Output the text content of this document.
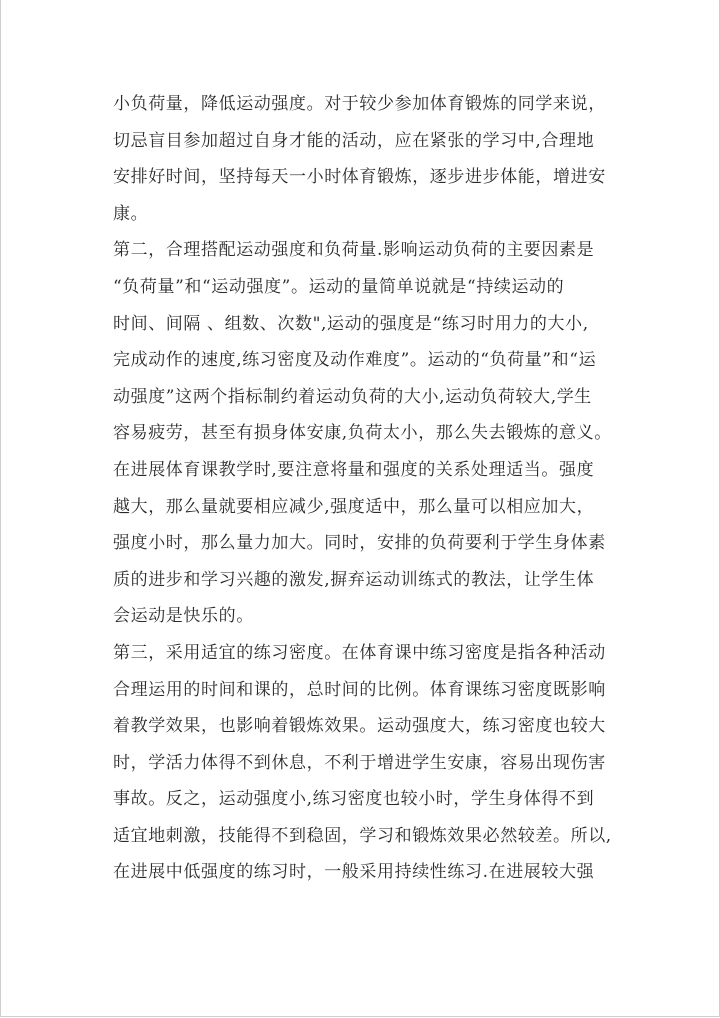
小负荷量，降低运动强度。对于较少参加体育锻炼的同学来说，
切忌盲目参加超过自身才能的活动，应在紧张的学习中,合理地
安排好时间，坚持每天一小时体育锻炼，逐步进步体能，增进安
康。
第二，合理搭配运动强度和负荷量.影响运动负荷的主要因素是
“负荷量”和“运动强度”。运动的量简单说就是“持续运动的
时间、间隔 、组数、次数",运动的强度是“练习时用力的大小,
完成动作的速度,练习密度及动作难度”。运动的“负荷量”和“运
动强度”这两个指标制约着运动负荷的大小,运动负荷较大,学生
容易疲劳，甚至有损身体安康,负荷太小，那么失去锻炼的意义。
在进展体育课教学时,要注意将量和强度的关系处理适当。强度
越大，那么量就要相应减少,强度适中，那么量可以相应加大，
强度小时，那么量力加大。同时，安排的负荷要利于学生身体素
质的进步和学习兴趣的激发,摒弃运动训练式的教法，让学生体
会运动是快乐的。
第三，采用适宜的练习密度。在体育课中练习密度是指各种活动
合理运用的时间和课的，总时间的比例。体育课练习密度既影响
着教学效果，也影响着锻炼效果。运动强度大，练习密度也较大
时，学活力体得不到休息，不利于增进学生安康，容易出现伤害
事故。反之，运动强度小,练习密度也较小时，学生身体得不到
适宜地刺激，技能得不到稳固，学习和锻炼效果必然较差。所以,
在进展中低强度的练习时，一般采用持续性练习.在进展较大强
